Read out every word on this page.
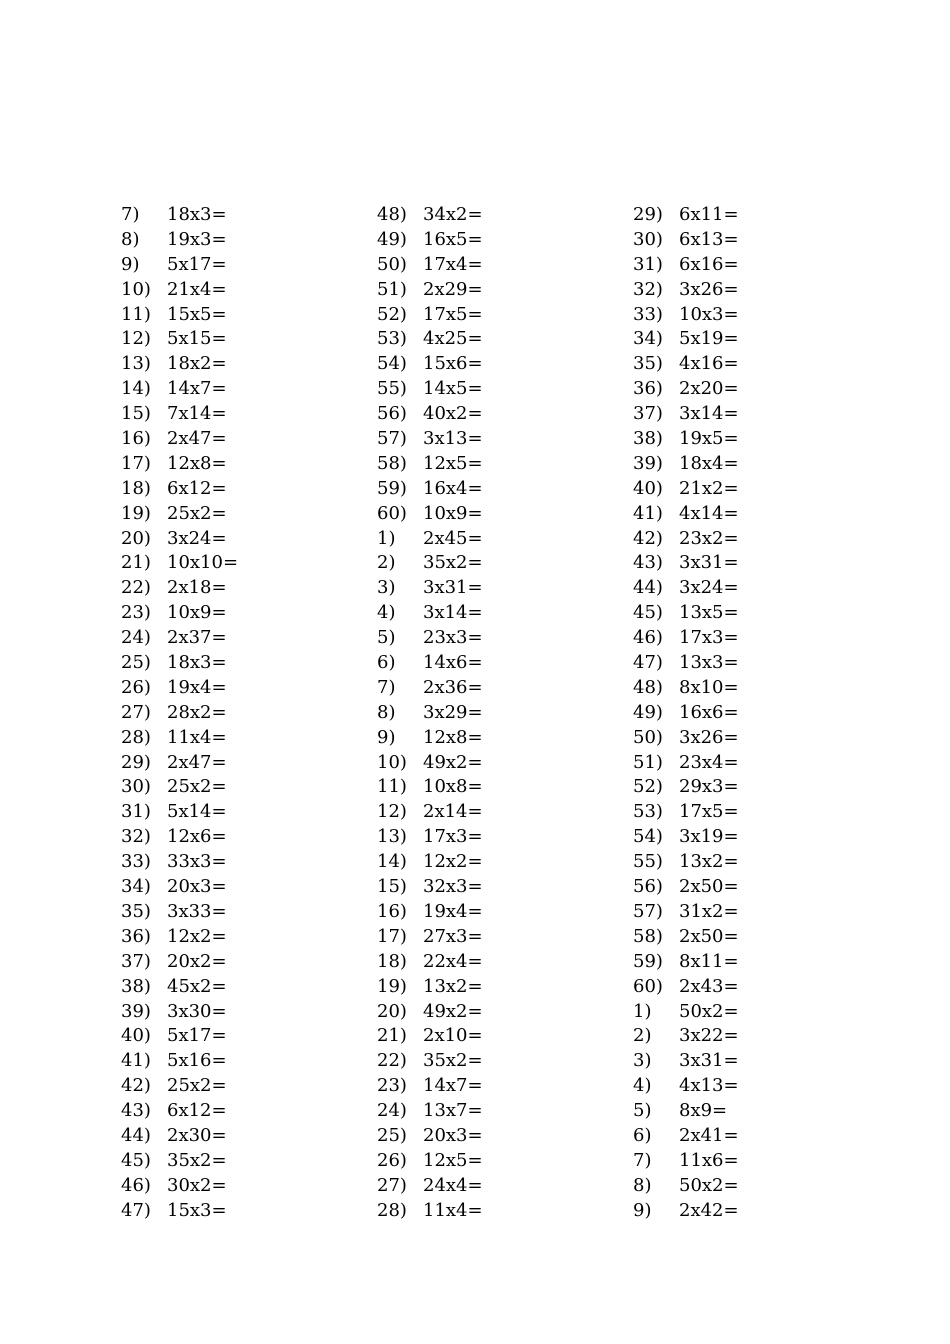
7)	18x3=
8)	19x3=
9)	5x17=
10) 21x4=
11) 15x5=
12) 5x15=
13) 18x2=
14) 14x7=
15) 7x14=
16) 2x47=
17) 12x8=
18) 6x12=
19) 25x2=
20) 3x24=
21) 10x10=
22) 2x18=
23) 10x9=
24) 2x37=
25) 18x3=
26) 19x4=
27) 28x2=
28) 11x4=
29) 2x47=
30) 25x2=
31) 5x14=
32) 12x6=
33) 33x3=
34) 20x3=
35) 3x33=
36) 12x2=
37) 20x2=
38) 45x2=
39) 3x30=
40) 5x17=
41) 5x16=
42) 25x2=
43) 6x12=
44) 2x30=
45) 35x2=
46) 30x2=
47) 15x3=
48) 34x2=
49) 16x5=
50) 17x4=
51) 2x29=
52) 17x5=
53) 4x25=
54) 15x6=
55) 14x5=
56) 40x2=
57) 3x13=
58) 12x5=
59) 16x4=
60) 10x9=
1)	2x45=
2)	35x2=
3)	3x31=
4)	3x14=
5)	23x3=
6)	14x6=
7)	2x36=
8)	3x29=
9)	12x8=
10) 49x2=
11) 10x8=
12) 2x14=
13) 17x3=
14) 12x2=
15) 32x3=
16) 19x4=
17) 27x3=
18) 22x4=
19) 13x2=
20) 49x2=
21) 2x10=
22) 35x2=
23) 14x7=
24) 13x7=
25) 20x3=
26) 12x5=
27) 24x4=
28) 11x4=
29) 6x11=
30) 6x13=
31) 6x16=
32) 3x26=
33) 10x3=
34) 5x19=
35) 4x16=
36) 2x20=
37) 3x14=
38) 19x5=
39) 18x4=
40) 21x2=
41) 4x14=
42) 23x2=
43) 3x31=
44) 3x24=
45) 13x5=
46) 17x3=
47) 13x3=
48) 8x10=
49) 16x6=
50) 3x26=
51) 23x4=
52) 29x3=
53) 17x5=
54) 3x19=
55) 13x2=
56) 2x50=
57) 31x2=
58) 2x50=
59) 8x11=
60) 2x43=
1)	50x2=
2)	3x22=
3)	3x31=
4)	4x13=
5)	8x9=
6)	2x41=
7)	11x6=
8)	50x2=
9)	2x42=
